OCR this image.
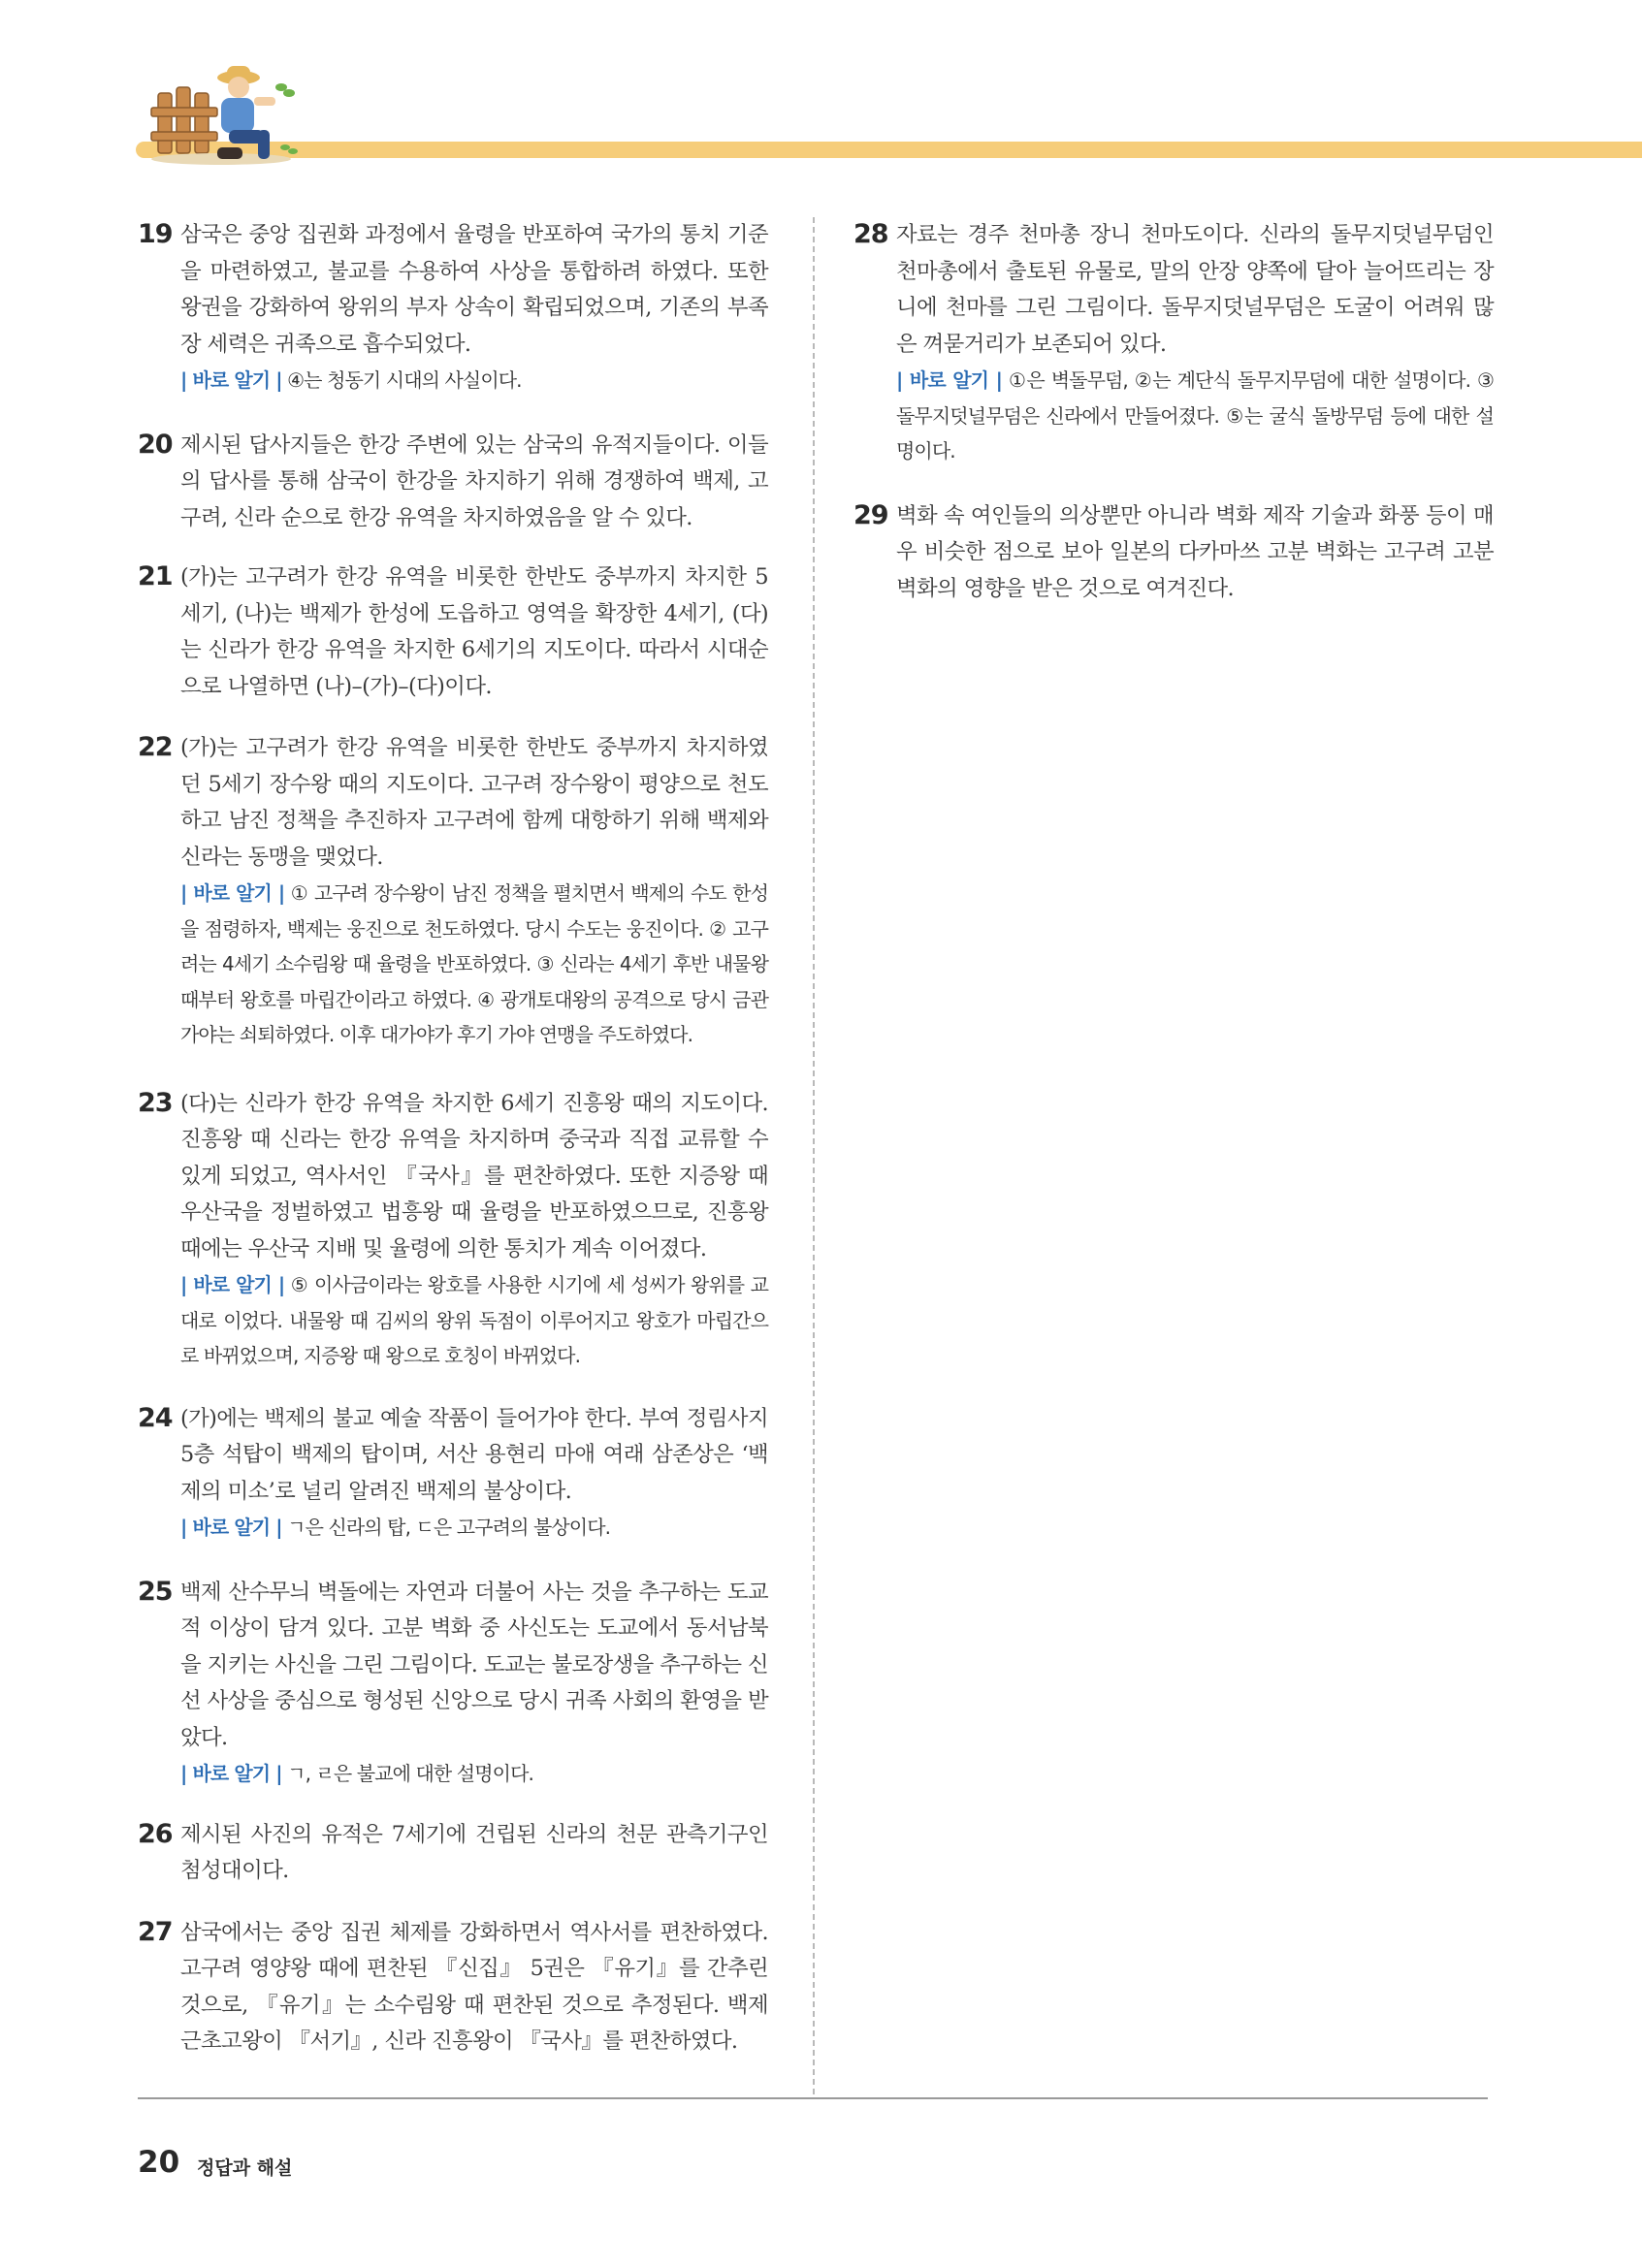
19 삼국은 중앙 집권화 과정에서 율령을 반포하여 국가의 통치 기준을 마련하였고, 불교를 수용하여 사상을 통합하려 하였다. 또한 왕권을 강화하여 왕위의 부자 상속이 확립되었으며, 기존의 부족장 세력은 귀족으로 흡수되었다.
| 바로 알기 | ④는 청동기 시대의 사실이다.
20 제시된 답사지들은 한강 주변에 있는 삼국의 유적지들이다. 이들의 답사를 통해 삼국이 한강을 차지하기 위해 경쟁하여 백제, 고구려, 신라 순으로 한강 유역을 차지하였음을 알 수 있다.
21 (가)는 고구려가 한강 유역을 비롯한 한반도 중부까지 차지한 5세기, (나)는 백제가 한성에 도읍하고 영역을 확장한 4세기, (다)는 신라가 한강 유역을 차지한 6세기의 지도이다. 따라서 시대순으로 나열하면 (나)–(가)–(다)이다.
22 (가)는 고구려가 한강 유역을 비롯한 한반도 중부까지 차지하였던 5세기 장수왕 때의 지도이다. 고구려 장수왕이 평양으로 천도하고 남진 정책을 추진하자 고구려에 함께 대항하기 위해 백제와 신라는 동맹을 맺었다.
| 바로 알기 | ① 고구려 장수왕이 남진 정책을 펼치면서 백제의 수도 한성을 점령하자, 백제는 웅진으로 천도하였다. 당시 수도는 웅진이다. ② 고구려는 4세기 소수림왕 때 율령을 반포하였다. ③ 신라는 4세기 후반 내물왕 때부터 왕호를 마립간이라고 하였다. ④ 광개토대왕의 공격으로 당시 금관가야는 쇠퇴하였다. 이후 대가야가 후기 가야 연맹을 주도하였다.
23 (다)는 신라가 한강 유역을 차지한 6세기 진흥왕 때의 지도이다. 진흥왕 때 신라는 한강 유역을 차지하며 중국과 직접 교류할 수 있게 되었고, 역사서인 『국사』를 편찬하였다. 또한 지증왕 때 우산국을 정벌하였고 법흥왕 때 율령을 반포하였으므로, 진흥왕 때에는 우산국 지배 및 율령에 의한 통치가 계속 이어졌다.
| 바로 알기 | ⑤ 이사금이라는 왕호를 사용한 시기에 세 성씨가 왕위를 교대로 이었다. 내물왕 때 김씨의 왕위 독점이 이루어지고 왕호가 마립간으로 바뀌었으며, 지증왕 때 왕으로 호칭이 바뀌었다.
24 (가)에는 백제의 불교 예술 작품이 들어가야 한다. 부여 정림사지 5층 석탑이 백제의 탑이며, 서산 용현리 마애 여래 삼존상은 ‘백제의 미소’로 널리 알려진 백제의 불상이다.
| 바로 알기 | ㄱ은 신라의 탑, ㄷ은 고구려의 불상이다.
25 백제 산수무늬 벽돌에는 자연과 더불어 사는 것을 추구하는 도교적 이상이 담겨 있다. 고분 벽화 중 사신도는 도교에서 동서남북을 지키는 사신을 그린 그림이다. 도교는 불로장생을 추구하는 신선 사상을 중심으로 형성된 신앙으로 당시 귀족 사회의 환영을 받았다.
| 바로 알기 | ㄱ, ㄹ은 불교에 대한 설명이다.
26 제시된 사진의 유적은 7세기에 건립된 신라의 천문 관측기구인 첨성대이다.
27 삼국에서는 중앙 집권 체제를 강화하면서 역사서를 편찬하였다. 고구려 영양왕 때에 편찬된 『신집』 5권은 『유기』를 간추린 것으로, 『유기』는 소수림왕 때 편찬된 것으로 추정된다. 백제 근초고왕이 『서기』, 신라 진흥왕이 『국사』를 편찬하였다.
28 자료는 경주 천마총 장니 천마도이다. 신라의 돌무지덧널무덤인 천마총에서 출토된 유물로, 말의 안장 양쪽에 달아 늘어뜨리는 장니에 천마를 그린 그림이다. 돌무지덧널무덤은 도굴이 어려워 많은 껴묻거리가 보존되어 있다.
| 바로 알기 | ①은 벽돌무덤, ②는 계단식 돌무지무덤에 대한 설명이다. ③ 돌무지덧널무덤은 신라에서 만들어졌다. ⑤는 굴식 돌방무덤 등에 대한 설명이다.
29 벽화 속 여인들의 의상뿐만 아니라 벽화 제작 기술과 화풍 등이 매우 비슷한 점으로 보아 일본의 다카마쓰 고분 벽화는 고구려 고분 벽화의 영향을 받은 것으로 여겨진다.
20 정답과 해설
